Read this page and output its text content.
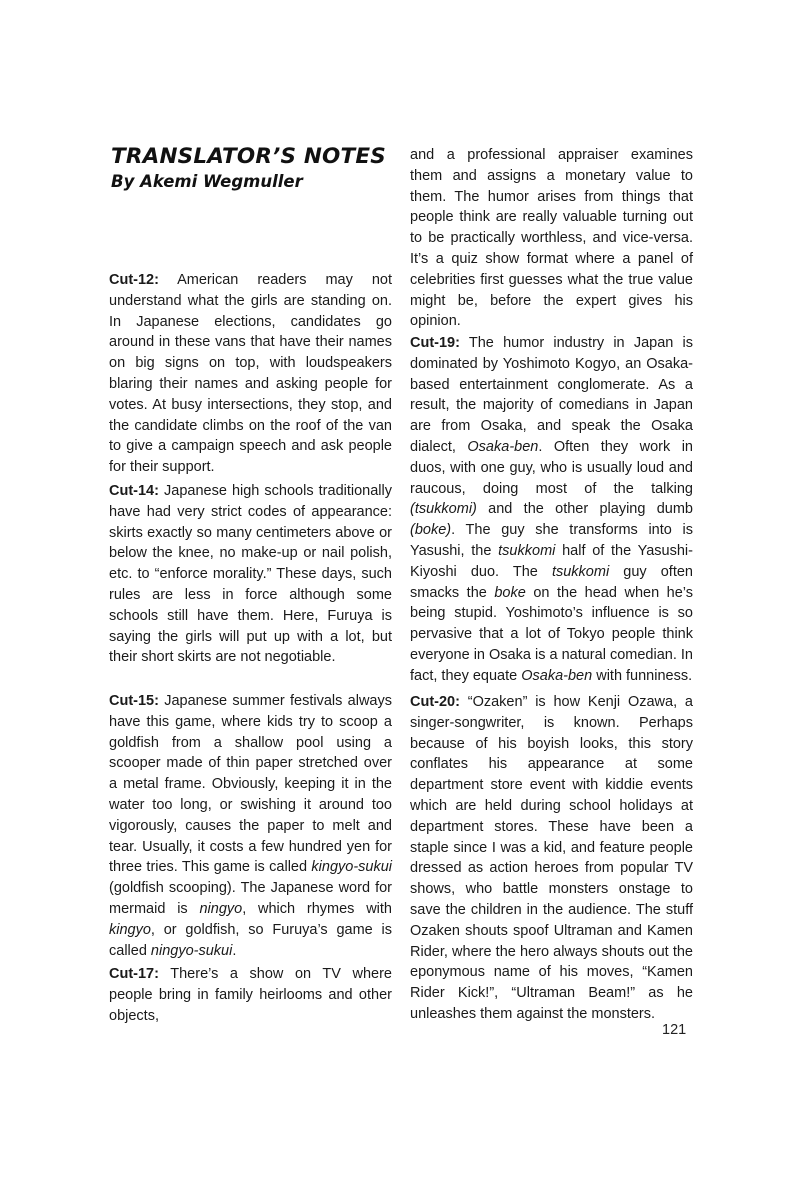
TRANSLATOR’S NOTES
By Akemi Wegmuller

Cut-12: American readers may not understand what the girls are standing on. In Japanese elections, candidates go around in these vans that have their names on big signs on top, with loudspeakers blaring their names and asking people for votes. At busy intersections, they stop, and the candidate climbs on the roof of the van to give a campaign speech and ask people for their support.

Cut-14: Japanese high schools traditionally have had very strict codes of appearance: skirts exactly so many centimeters above or below the knee, no make-up or nail polish, etc. to “enforce morality.” These days, such rules are less in force although some schools still have them. Here, Furuya is saying the girls will put up with a lot, but their short skirts are not negotiable.

Cut-15: Japanese summer festivals always have this game, where kids try to scoop a goldfish from a shallow pool using a scooper made of thin paper stretched over a metal frame. Obviously, keeping it in the water too long, or swishing it around too vigorously, causes the paper to melt and tear. Usually, it costs a few hundred yen for three tries. This game is called kingyo-sukui (goldfish scooping). The Japanese word for mermaid is ningyo, which rhymes with kingyo, or goldfish, so Furuya’s game is called ningyo-sukui.

Cut-17: There’s a show on TV where people bring in family heirlooms and other objects,

and a professional appraiser examines them and assigns a monetary value to them. The humor arises from things that people think are really valuable turning out to be practically worthless, and vice-versa. It’s a quiz show format where a panel of celebrities first guesses what the true value might be, before the expert gives his opinion.

Cut-19: The humor industry in Japan is dominated by Yoshimoto Kogyo, an Osaka-based entertainment conglomerate. As a result, the majority of comedians in Japan are from Osaka, and speak the Osaka dialect, Osaka-ben. Often they work in duos, with one guy, who is usually loud and raucous, doing most of the talking (tsukkomi) and the other playing dumb (boke). The guy she transforms into is Yasushi, the tsukkomi half of the Yasushi-Kiyoshi duo. The tsukkomi guy often smacks the boke on the head when he’s being stupid. Yoshimoto’s influence is so pervasive that a lot of Tokyo people think everyone in Osaka is a natural comedian. In fact, they equate Osaka-ben with funniness.

Cut-20: “Ozaken” is how Kenji Ozawa, a singer-songwriter, is known. Perhaps because of his boyish looks, this story conflates his appearance at some department store event with kiddie events which are held during school holidays at department stores. These have been a staple since I was a kid, and feature people dressed as action heroes from popular TV shows, who battle monsters onstage to save the children in the audience. The stuff Ozaken shouts spoof Ultraman and Kamen Rider, where the hero always shouts out the eponymous name of his moves, “Kamen Rider Kick!”, “Ultraman Beam!” as he unleashes them against the monsters.

121
